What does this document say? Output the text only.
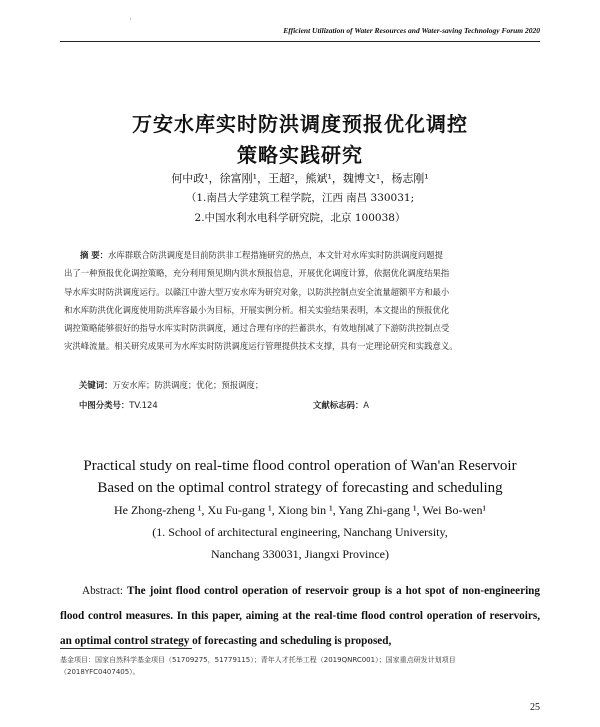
'
Efficient Utilization of Water Resources and Water-saving Technology Forum 2020
万安水库实时防洪调度预报优化调控
策略实践研究
何中政¹，徐富刚¹，王超²，熊斌¹，魏博文¹，杨志刚¹
（1.南昌大学建筑工程学院，江西 南昌 330031;
2.中国水利水电科学研究院，北京 100038）
摘 要：水库群联合防洪调度是目前防洪非工程措施研究的热点，本文针对水库实时防洪调度问题提
出了一种预报优化调控策略，充分利用预见期内洪水预报信息，开展优化调度计算，依据优化调度结果指
导水库实时防洪调度运行。以赣江中游大型万安水库为研究对象，以防洪控制点安全流量超额平方和最小
和水库防洪优化调度使用防洪库容最小为目标，开展实例分析。相关实验结果表明，本文提出的预报优化
调控策略能够很好的指导水库实时防洪调度，通过合理有序的拦蓄洪水，有效地削减了下游防洪控制点受
灾洪峰流量。相关研究成果可为水库实时防洪调度运行管理提供技术支撑，具有一定理论研究和实践意义。
关键词：万安水库；防洪调度；优化；预报调度；
中图分类号：TV.124	文献标志码：A
Practical study on real-time flood control operation of Wan'an Reservoir
Based on the optimal control strategy of forecasting and scheduling
He Zhong-zheng ¹, Xu Fu-gang ¹, Xiong bin ¹, Yang Zhi-gang ¹, Wei Bo-wen¹
(1. School of architectural engineering, Nanchang University,
Nanchang 330031, Jiangxi Province)
Abstract: The joint flood control operation of reservoir group is a hot spot of non-engineering flood control measures. In this paper, aiming at the real-time flood control operation of reservoirs, an optimal control strategy of forecasting and scheduling is proposed,
基金项目：国家自然科学基金项目（51709275，51779115）；青年人才托举工程（2019QNRC001）；国家重点研发计划项目
（2018YFC0407405）。
25
